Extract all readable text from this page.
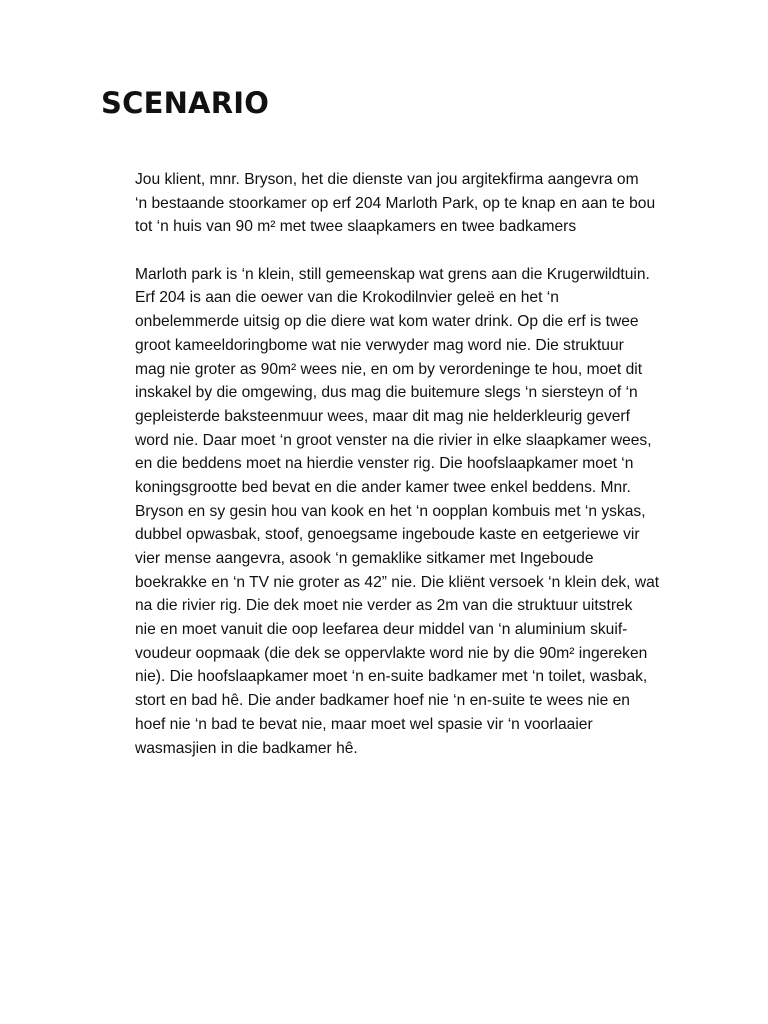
SCENARIO

Jou klient, mnr. Bryson, het die dienste van jou argitekfirma aangevra om
‘n bestaande stoorkamer op erf 204 Marloth Park, op te knap en aan te bou
tot ‘n huis van 90 m² met twee slaapkamers en twee badkamers

Marloth park is ‘n klein, still gemeenskap wat grens aan die Krugerwildtuin.
Erf 204 is aan die oewer van die Krokodilnvier geleë en het ‘n
onbelemmerde uitsig op die diere wat kom water drink. Op die erf is twee
groot kameeldoringbome wat nie verwyder mag word nie. Die struktuur
mag nie groter as 90m² wees nie, en om by verordeninge te hou, moet dit
inskakel by die omgewing, dus mag die buitemure slegs ‘n siersteyn of ‘n
gepleisterde baksteenmuur wees, maar dit mag nie helderkleurig geverf
word nie. Daar moet ‘n groot venster na die rivier in elke slaapkamer wees,
en die beddens moet na hierdie venster rig. Die hoofslaapkamer moet ‘n
koningsgrootte bed bevat en die ander kamer twee enkel beddens. Mnr.
Bryson en sy gesin hou van kook en het ‘n oopplan kombuis met ‘n yskas,
dubbel opwasbak, stoof, genoegsame ingeboude kaste en eetgeriewe vir
vier mense aangevra, asook ‘n gemaklike sitkamer met Ingeboude
boekrakke en ‘n TV nie groter as 42” nie. Die kliënt versoek ‘n klein dek, wat
na die rivier rig. Die dek moet nie verder as 2m van die struktuur uitstrek
nie en moet vanuit die oop leefarea deur middel van ‘n aluminium skuif-
voudeur oopmaak (die dek se oppervlakte word nie by die 90m² ingereken
nie). Die hoofslaapkamer moet ‘n en-suite badkamer met ‘n toilet, wasbak,
stort en bad hê. Die ander badkamer hoef nie ‘n en-suite te wees nie en
hoef nie ‘n bad te bevat nie, maar moet wel spasie vir ‘n voorlaaier
wasmasjien in die badkamer hê.
